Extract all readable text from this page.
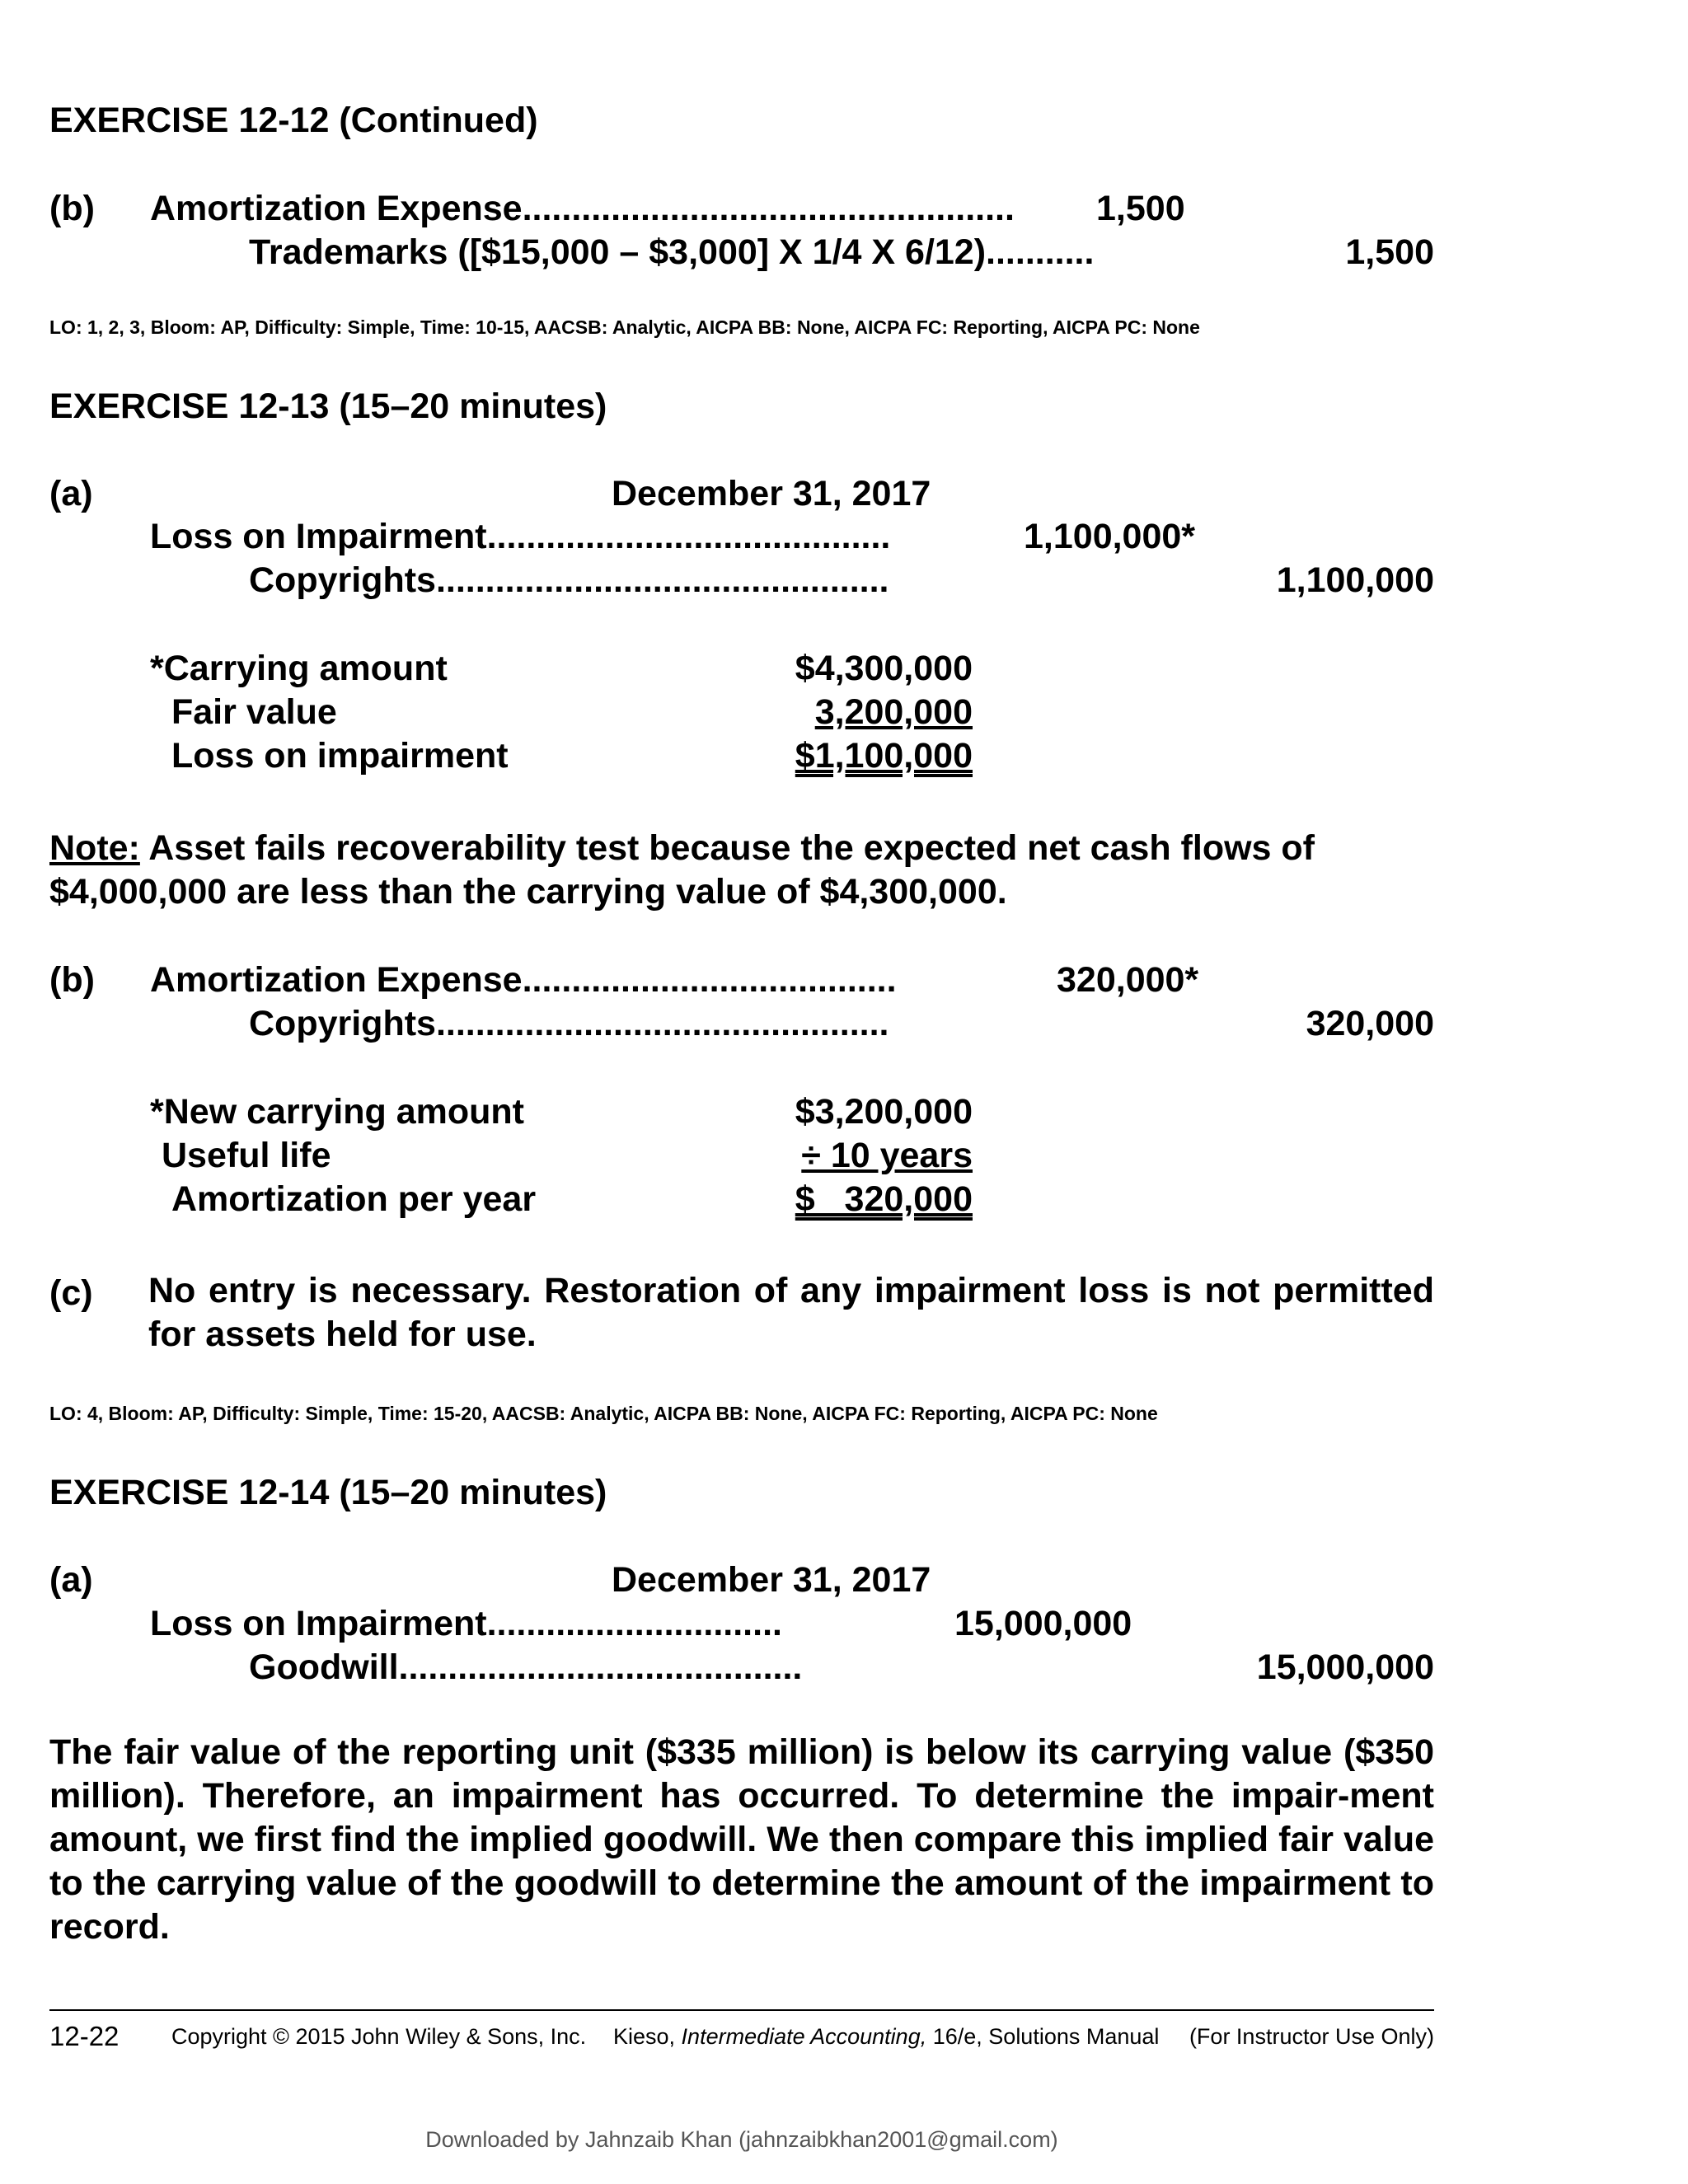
EXERCISE 12-12 (Continued)
(b) Amortization Expense.................................................. 1,500
Trademarks ([$15,000 – $3,000] X 1/4 X 6/12)...........	1,500
LO: 1, 2, 3, Bloom: AP, Difficulty: Simple, Time: 10-15, AACSB: Analytic, AICPA BB: None, AICPA FC: Reporting, AICPA PC: None
EXERCISE 12-13 (15–20 minutes)
(a)	December 31, 2017
Loss on Impairment.........................................	1,100,000*
Copyrights..............................................	1,100,000
*Carrying amount	$4,300,000
Fair value	3,200,000
Loss on impairment	$1,100,000
Note: Asset fails recoverability test because the expected net cash flows of
$4,000,000 are less than the carrying value of $4,300,000.
(b) Amortization Expense......................................	320,000*
Copyrights..............................................	320,000
*New carrying amount	$3,200,000
Useful life	÷ 10 years
Amortization per year	$   320,000
(c) No entry is necessary. Restoration of any impairment loss is not permitted for assets held for use.
LO: 4, Bloom: AP, Difficulty: Simple, Time: 15-20, AACSB: Analytic, AICPA BB: None, AICPA FC: Reporting, AICPA PC: None
EXERCISE 12-14 (15–20 minutes)
(a)	December 31, 2017
Loss on Impairment..............................	15,000,000
Goodwill.........................................	15,000,000
The fair value of the reporting unit ($335 million) is below its carrying value ($350 million). Therefore, an impairment has occurred. To determine the impair-ment amount, we first find the implied goodwill. We then compare this implied fair value to the carrying value of the goodwill to determine the amount of the impairment to record.
12-22 Copyright © 2015 John Wiley & Sons, Inc. Kieso, Intermediate Accounting, 16/e, Solutions Manual (For Instructor Use Only)
Downloaded by Jahnzaib Khan (jahnzaibkhan2001@gmail.com)
